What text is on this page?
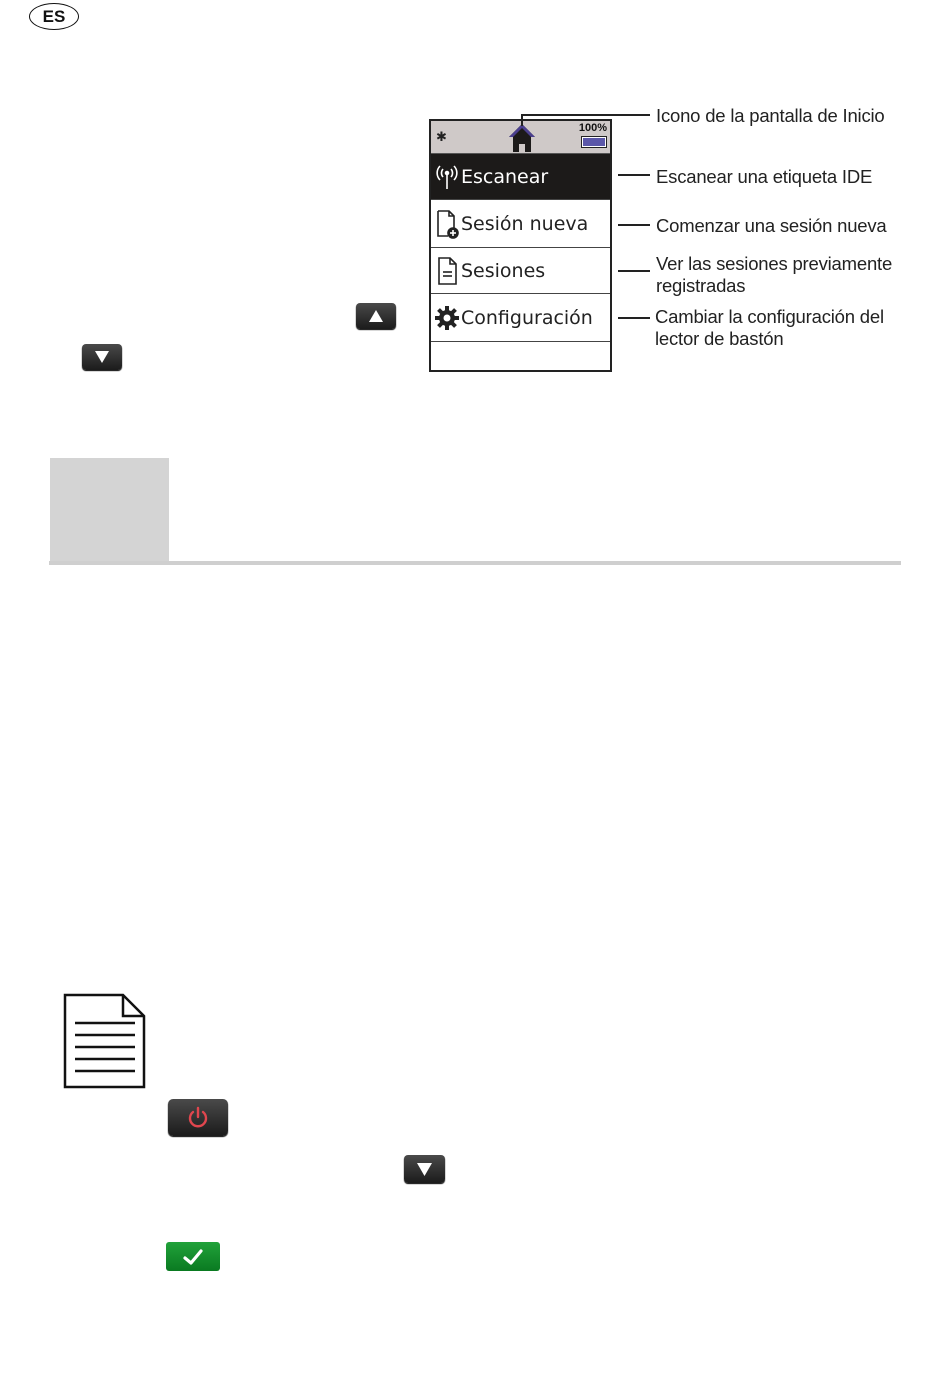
ES
✱
100%
Escanear
Sesión nueva
Sesiones
Configuración
Icono de la pantalla de Inicio
Escanear una etiqueta IDE
Comenzar una sesión nueva
Ver las sesiones previamente
registradas
Cambiar la configuración del
lector de bastón
